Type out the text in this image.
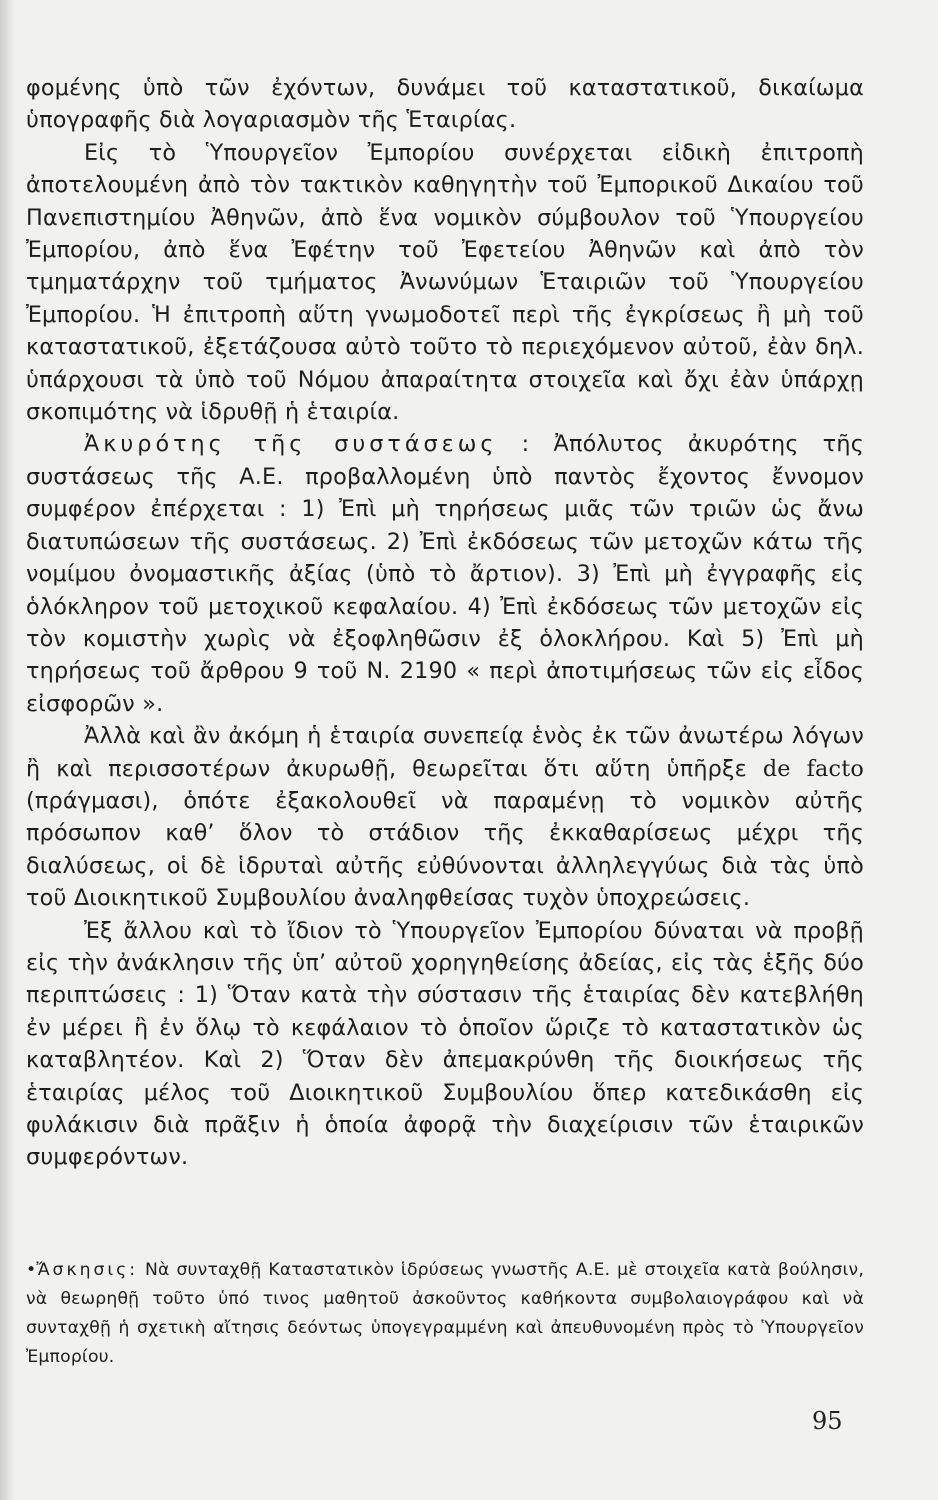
φομένης ὑπὸ τῶν ἐχόντων, δυνάμει τοῦ καταστατικοῦ, δικαίωμα ὑπογραφῆς διὰ λογαριασμὸν τῆς Ἑταιρίας.

Εἰς τὸ Ὑπουργεῖον Ἐμπορίου συνέρχεται εἰδικὴ ἐπιτροπὴ ἀποτελουμένη ἀπὸ τὸν τακτικὸν καθηγητὴν τοῦ Ἐμπορικοῦ Δικαίου τοῦ Πανεπιστημίου Ἀθηνῶν, ἀπὸ ἕνα νομικὸν σύμβουλον τοῦ Ὑπουργείου Ἐμπορίου, ἀπὸ ἕνα Ἐφέτην τοῦ Ἐφετείου Ἀθηνῶν καὶ ἀπὸ τὸν τμηματάρχην τοῦ τμήματος Ἀνωνύμων Ἑταιριῶν τοῦ Ὑπουργείου Ἐμπορίου. Ἡ ἐπιτροπὴ αὕτη γνωμοδοτεῖ περὶ τῆς ἐγκρίσεως ἢ μὴ τοῦ καταστατικοῦ, ἐξετάζουσα αὐτὸ τοῦτο τὸ περιεχόμενον αὐτοῦ, ἐὰν δηλ. ὑπάρχουσι τὰ ὑπὸ τοῦ Νόμου ἀπαραίτητα στοιχεῖα καὶ ὄχι ἐὰν ὑπάρχῃ σκοπιμότης νὰ ἱδρυθῇ ἡ ἑταιρία.

Ἀκυρότης τῆς συστάσεως : Ἀπόλυτος ἀκυρότης τῆς συστάσεως τῆς Α.Ε. προβαλλομένη ὑπὸ παντὸς ἔχοντος ἔννομον συμφέρον ἐπέρχεται : 1) Ἐπὶ μὴ τηρήσεως μιᾶς τῶν τριῶν ὡς ἄνω διατυπώσεων τῆς συστάσεως. 2) Ἐπὶ ἐκδόσεως τῶν μετοχῶν κάτω τῆς νομίμου ὀνομαστικῆς ἀξίας (ὑπὸ τὸ ἄρτιον). 3) Ἐπὶ μὴ ἐγγραφῆς εἰς ὁλόκληρον τοῦ μετοχικοῦ κεφαλαίου. 4) Ἐπὶ ἐκδόσεως τῶν μετοχῶν εἰς τὸν κομιστὴν χωρὶς νὰ ἐξοφληθῶσιν ἐξ ὁλοκλήρου. Καὶ 5) Ἐπὶ μὴ τηρήσεως τοῦ ἄρθρου 9 τοῦ Ν. 2190 « περὶ ἀποτιμήσεως τῶν εἰς εἶδος εἰσφορῶν ».

Ἀλλὰ καὶ ἂν ἀκόμη ἡ ἑταιρία συνεπείᾳ ἑνὸς ἐκ τῶν ἀνωτέρω λόγων ἢ καὶ περισσοτέρων ἀκυρωθῇ, θεωρεῖται ὅτι αὕτη ὑπῆρξε de facto (πράγμασι), ὁπότε ἐξακολουθεῖ νὰ παραμένῃ τὸ νομικὸν αὐτῆς πρόσωπον καθ’ ὅλον τὸ στάδιον τῆς ἐκκαθαρίσεως μέχρι τῆς διαλύσεως, οἱ δὲ ἱδρυταὶ αὐτῆς εὐθύνονται ἀλληλεγγύως διὰ τὰς ὑπὸ τοῦ Διοικητικοῦ Συμβουλίου ἀναληφθείσας τυχὸν ὑποχρεώσεις.

Ἐξ ἄλλου καὶ τὸ ἴδιον τὸ Ὑπουργεῖον Ἐμπορίου δύναται νὰ προβῇ εἰς τὴν ἀνάκλησιν τῆς ὑπ’ αὐτοῦ χορηγηθείσης ἀδείας, εἰς τὰς ἑξῆς δύο περιπτώσεις : 1) Ὅταν κατὰ τὴν σύστασιν τῆς ἑταιρίας δὲν κατεβλήθη ἐν μέρει ἢ ἐν ὅλῳ τὸ κεφάλαιον τὸ ὁποῖον ὥριζε τὸ καταστατικὸν ὡς καταβλητέον. Καὶ 2) Ὅταν δὲν ἀπεμακρύνθη τῆς διοικήσεως τῆς ἑταιρίας μέλος τοῦ Διοικητικοῦ Συμβουλίου ὅπερ κατεδικάσθη εἰς φυλάκισιν διὰ πρᾶξιν ἡ ὁποία ἀφορᾷ τὴν διαχείρισιν τῶν ἑταιρικῶν συμφερόντων.

•Ἄσκησις: Νὰ συνταχθῇ Καταστατικὸν ἱδρύσεως γνωστῆς Α.Ε. μὲ στοιχεῖα κατὰ βούλησιν, νὰ θεωρηθῇ τοῦτο ὑπό τινος μαθητοῦ ἀσκοῦντος καθήκοντα συμβολαιογράφου καὶ νὰ συνταχθῇ ἡ σχετικὴ αἴτησις δεόντως ὑπογεγραμμένη καὶ ἀπευθυνομένη πρὸς τὸ Ὑπουργεῖον Ἐμπορίου.

95
